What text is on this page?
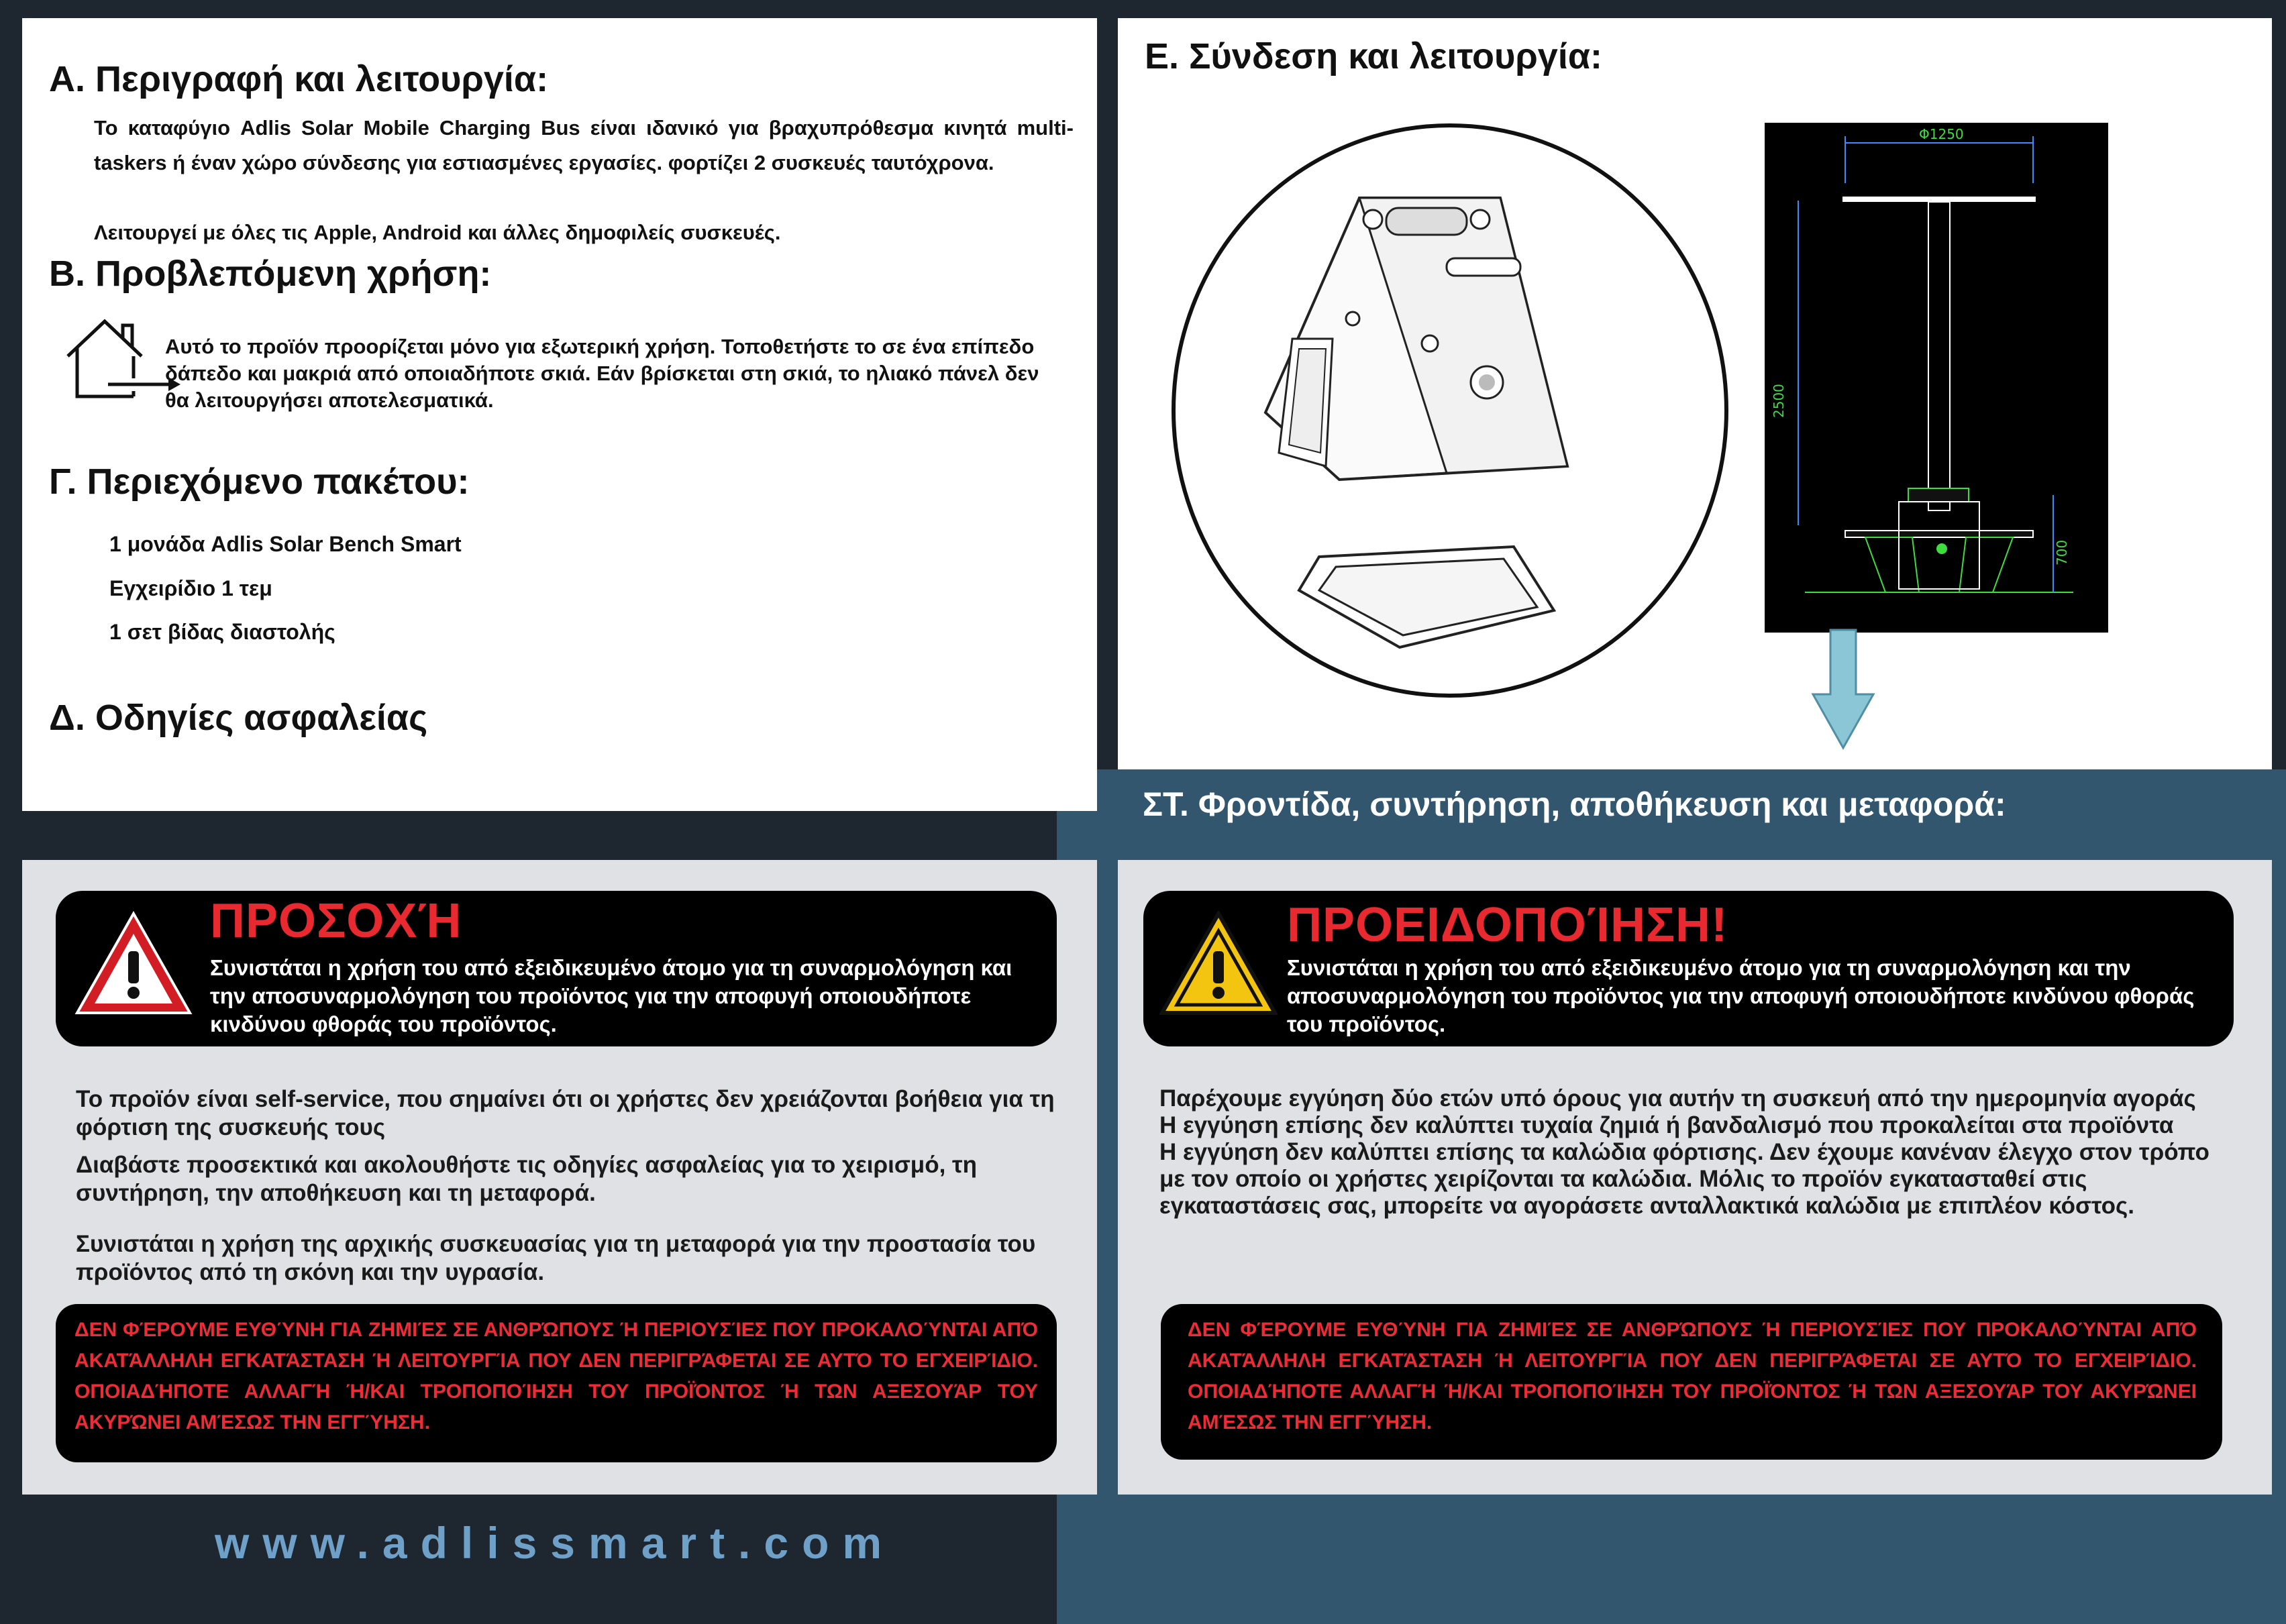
Α. Περιγραφή και λειτουργία:
Το καταφύγιο Adlis Solar Mobile Charging Bus είναι ιδανικό για βραχυπρόθεσμα κινητά multi-taskers ή έναν χώρο σύνδεσης για εστιασμένες εργασίες. φορτίζει 2 συσκευές ταυτόχρονα.
Λειτουργεί με όλες τις Apple, Android και άλλες δημοφιλείς συσκευές.
Β. Προβλεπόμενη χρήση:
Αυτό το προϊόν προορίζεται μόνο για εξωτερική χρήση. Τοποθετήστε το σε ένα επίπεδο δάπεδο και μακριά από οποιαδήποτε σκιά. Εάν βρίσκεται στη σκιά, το ηλιακό πάνελ δεν θα λειτουργήσει αποτελεσματικά.
Γ. Περιεχόμενο πακέτου:
1 μονάδα Adlis Solar Bench Smart
Εγχειρίδιο 1 τεμ
1 σετ βίδας διαστολής
Δ. Οδηγίες ασφαλείας
Ε. Σύνδεση και λειτουργία:
Φ1250
2500
700
ΣΤ. Φροντίδα, συντήρηση, αποθήκευση και μεταφορά:
ΠΡΟΣΟΧΉ
Συνιστάται η χρήση του από εξειδικευμένο άτομο για τη συναρμολόγηση και την αποσυναρμολόγηση του προϊόντος για την αποφυγή οποιουδήποτε κινδύνου φθοράς του προϊόντος.
Το προϊόν είναι self-service, που σημαίνει ότι οι χρήστες δεν χρειάζονται βοήθεια για τη φόρτιση της συσκευής τους
Διαβάστε προσεκτικά και ακολουθήστε τις οδηγίες ασφαλείας για το χειρισμό, τη συντήρηση, την αποθήκευση και τη μεταφορά.
Συνιστάται η χρήση της αρχικής συσκευασίας για τη μεταφορά για την προστασία του προϊόντος από τη σκόνη και την υγρασία.
ΔΕΝ ΦΈΡΟΥΜΕ ΕΥΘΎΝΗ ΓΙΑ ΖΗΜΙΈΣ ΣΕ ΑΝΘΡΏΠΟΥΣ Ή ΠΕΡΙΟΥΣΊΕΣ ΠΟΥ ΠΡΟΚΑΛΟΎΝΤΑΙ ΑΠΌ ΑΚΑΤΆΛΛΗΛΗ ΕΓΚΑΤΆΣΤΑΣΗ Ή ΛΕΙΤΟΥΡΓΊΑ ΠΟΥ ΔΕΝ ΠΕΡΙΓΡΆΦΕΤΑΙ ΣΕ ΑΥΤΌ ΤΟ ΕΓΧΕΙΡΊΔΙΟ. ΟΠΟΙΑΔΉΠΟΤΕ ΑΛΛΑΓΉ Ή/ΚΑΙ ΤΡΟΠΟΠΟΊΗΣΗ ΤΟΥ ΠΡΟΪΌΝΤΟΣ Ή ΤΩΝ ΑΞΕΣΟΥΆΡ ΤΟΥ ΑΚΥΡΏΝΕΙ ΑΜΈΣΩΣ ΤΗΝ ΕΓΓΎΗΣΗ.
ΠΡΟΕΙΔΟΠΟΊΗΣΗ!
Συνιστάται η χρήση του από εξειδικευμένο άτομο για τη συναρμολόγηση και την αποσυναρμολόγηση του προϊόντος για την αποφυγή οποιουδήποτε κινδύνου φθοράς του προϊόντος.
Παρέχουμε εγγύηση δύο ετών υπό όρους για αυτήν τη συσκευή από την ημερομηνία αγοράς
Η εγγύηση επίσης δεν καλύπτει τυχαία ζημιά ή βανδαλισμό που προκαλείται στα προϊόντα
Η εγγύηση δεν καλύπτει επίσης τα καλώδια φόρτισης. Δεν έχουμε κανέναν έλεγχο στον τρόπο με τον οποίο οι χρήστες χειρίζονται τα καλώδια. Μόλις το προϊόν εγκατασταθεί στις εγκαταστάσεις σας, μπορείτε να αγοράσετε ανταλλακτικά καλώδια με επιπλέον κόστος.
ΔΕΝ ΦΈΡΟΥΜΕ ΕΥΘΎΝΗ ΓΙΑ ΖΗΜΙΈΣ ΣΕ ΑΝΘΡΏΠΟΥΣ Ή ΠΕΡΙΟΥΣΊΕΣ ΠΟΥ ΠΡΟΚΑΛΟΎΝΤΑΙ ΑΠΌ ΑΚΑΤΆΛΛΗΛΗ ΕΓΚΑΤΆΣΤΑΣΗ Ή ΛΕΙΤΟΥΡΓΊΑ ΠΟΥ ΔΕΝ ΠΕΡΙΓΡΆΦΕΤΑΙ ΣΕ ΑΥΤΌ ΤΟ ΕΓΧΕΙΡΊΔΙΟ. ΟΠΟΙΑΔΉΠΟΤΕ ΑΛΛΑΓΉ Ή/ΚΑΙ ΤΡΟΠΟΠΟΊΗΣΗ ΤΟΥ ΠΡΟΪΌΝΤΟΣ Ή ΤΩΝ ΑΞΕΣΟΥΆΡ ΤΟΥ ΑΚΥΡΏΝΕΙ ΑΜΈΣΩΣ ΤΗΝ ΕΓΓΎΗΣΗ.
www.adlissmart.com
